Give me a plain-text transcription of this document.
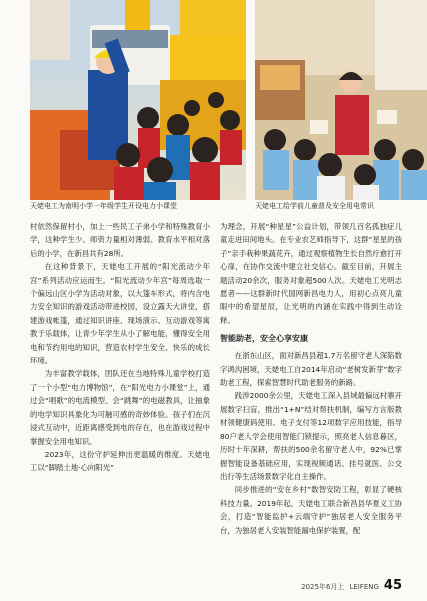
天姥电工为南明小学一年级学生开设电力小课堂	天姥电工给学前儿童普及安全用电常识

村依然保留村小，加上一些民工子弟小学和特殊教育小学，这种学生少、师资力量相对薄弱、教育水平相对落后的小学，在新昌共有28所。

在这种背景下，天姥电工开展的“阳光流动少年宫”系列活动应运而生。“阳光流动少年宫”每周选取一个偏远山区小学为活动对象，以大篷车形式，将内含电力安全知识的游戏活动带进校园，设立露天大讲堂，搭建游戏帐篷，通过知识讲座、现场演示、互动游戏等寓教于乐载体，让青少年学生从小了解电能，懂得安全用电和节约用电的知识，营造农村学生安全、快乐的成长环境。

为丰富教学载体，团队还在当地特殊儿童学校打造了一个小型“电力博物馆”，在“阳光电力小课堂”上，通过会“唱歌”的电流模型、会“跳舞”的电磁教具，让抽象的电学知识具象化为可触可感的奇妙体验。孩子们在沉浸式互动中，近距离感受到电的存在，也在游戏过程中掌握安全用电知识。

2023年，这份守护延伸出更温暖的维度。天姥电工以“脚踏土地·心向阳光”

为理念，开展“种星星”公益计划，带领几百名孤独症儿童走进田间地头。在专业农艺师指导下，这群“星星的孩子”亲手栽种果蔬花卉，通过观察植物生长自然疗愈打开心扉，在协作交流中建立社交信心。截至目前，开展主题活动20余次，服务对象超500人次。天姥电工光明志愿者——这群新时代国网新昌电力人，用初心点亮儿童眼中的希望星辰，让光明的内涵在实践中得到生动诠释。

智能助老，安全心享安康

在浙东山区，面对新昌县超1.7万名留守老人深陷数字鸿沟困境，天姥电工自2014年启动“老树发新芽”数字助老工程，探索智慧时代助老服务的新路。

践涉2000余公里，天姥电工深入县域最偏远村寨开展数字扫盲，推出“1+N”结对帮扶机制，编写方言版教材领健康码使用、电子支付等12项数字应用技能，指导80户老人学会使用智能门锁提示，照亮老人信息暮区，历时十年深耕，帮扶的500余名留守老人中，92%已掌握智能设备基础应用，实现视频通话、挂号就医、公交出行等生活场景数字化自主操作。

同步推进的“安在乡村”数智安防工程，彰显了硬核科技力量。2019年起，天姥电工联合新昌县华夏义工协会，打造“智能监护+云端守护”独居老人安全服务平台，为独居老人安装智能漏电保护装置，配

2025年6月上 LEIFENG 45
